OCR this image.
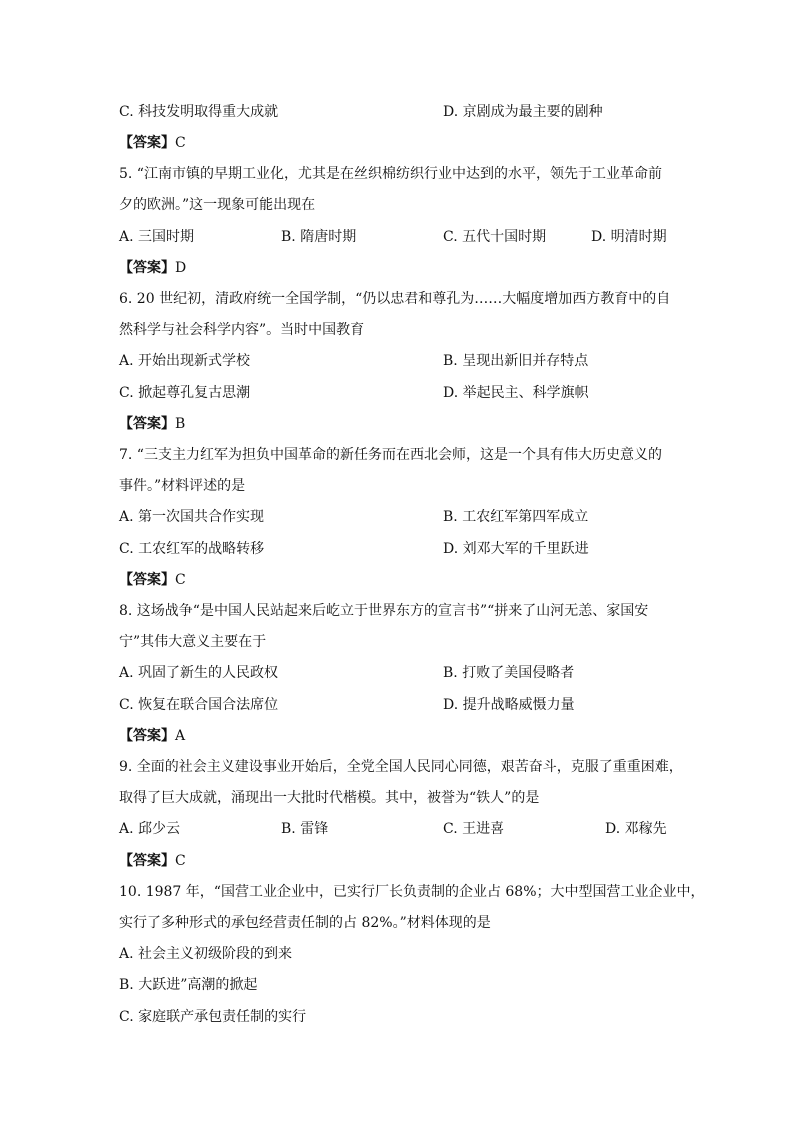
C. 科技发明取得重大成就	D. 京剧成为最主要的剧种
【答案】C
5. “江南市镇的早期工业化，尤其是在丝织棉纺织行业中达到的水平，领先于工业革命前
夕的欧洲。”这一现象可能出现在
A. 三国时期	B. 隋唐时期	C. 五代十国时期	D. 明清时期
【答案】D
6. 20 世纪初，清政府统一全国学制，“仍以忠君和尊孔为……大幅度增加西方教育中的自
然科学与社会科学内容”。当时中国教育
A. 开始出现新式学校	B. 呈现出新旧并存特点
C. 掀起尊孔复古思潮	D. 举起民主、科学旗帜
【答案】B
7. “三支主力红军为担负中国革命的新任务而在西北会师，这是一个具有伟大历史意义的
事件。”材料评述的是
A. 第一次国共合作实现	B. 工农红军第四军成立
C. 工农红军的战略转移	D. 刘邓大军的千里跃进
【答案】C
8. 这场战争“是中国人民站起来后屹立于世界东方的宣言书”“拼来了山河无恙、家国安
宁”其伟大意义主要在于
A. 巩固了新生的人民政权	B. 打败了美国侵略者
C. 恢复在联合国合法席位	D. 提升战略威慑力量
【答案】A
9. 全面的社会主义建设事业开始后，全党全国人民同心同德，艰苦奋斗，克服了重重困难，
取得了巨大成就，涌现出一大批时代楷模。其中，被誉为“铁人”的是
A. 邱少云	B. 雷锋	C. 王进喜	D. 邓稼先
【答案】C
10. 1987 年，“国营工业企业中，已实行厂长负责制的企业占 68%；大中型国营工业企业中，
实行了多种形式的承包经营责任制的占 82%。”材料体现的是
A. 社会主义初级阶段的到来
B. 大跃进”高潮的掀起
C. 家庭联产承包责任制的实行
